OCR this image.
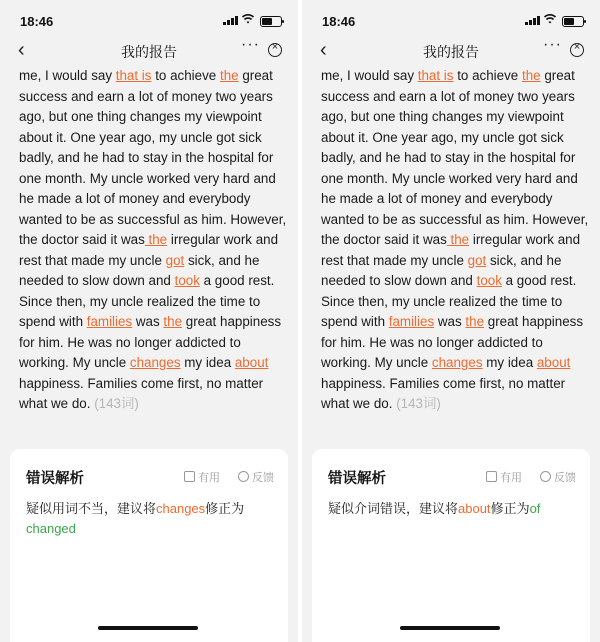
18:46
‹	我的报告	··· ×
me, I would say that is to achieve the great success and earn a lot of money two years ago, but one thing changes my viewpoint about it. One year ago, my uncle got sick badly, and he had to stay in the hospital for one month. My uncle worked very hard and he made a lot of money and everybody wanted to be as successful as him. However, the doctor said it was the irregular work and rest that made my uncle got sick, and he needed to slow down and took a good rest. Since then, my uncle realized the time to spend with families was the great happiness for him. He was no longer addicted to working. My uncle changes my idea about happiness. Families come first, no matter what we do. (143词)
错误解析	有用	反馈
疑似用词不当，建议将changes修正为changed
18:46
‹	我的报告	··· ×
me, I would say that is to achieve the great success and earn a lot of money two years ago, but one thing changes my viewpoint about it. One year ago, my uncle got sick badly, and he had to stay in the hospital for one month. My uncle worked very hard and he made a lot of money and everybody wanted to be as successful as him. However, the doctor said it was the irregular work and rest that made my uncle got sick, and he needed to slow down and took a good rest. Since then, my uncle realized the time to spend with families was the great happiness for him. He was no longer addicted to working. My uncle changes my idea about happiness. Families come first, no matter what we do. (143词)
错误解析	有用	反馈
疑似介词错误，建议将about修正为of
